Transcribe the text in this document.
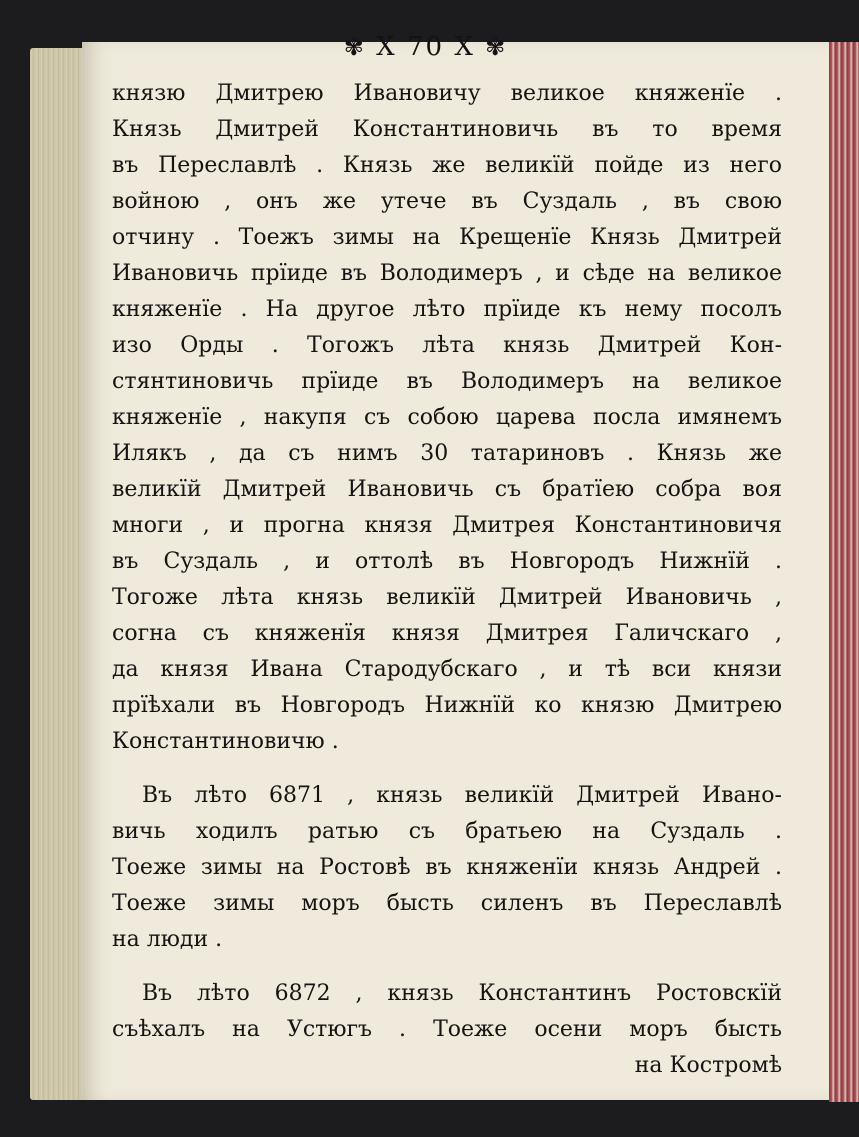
✾ X 70 X ✾
князю Дмитрею Ивановичу великое княженїе .
Князь Дмитрей Константиновичь въ то время
въ Переславлѣ . Князь же великїй пойде из него
войною , онъ же утече въ Суздаль , въ свою
отчину . Тоежъ зимы на Крещенїе Князь Дмитрей
Ивановичь прїиде въ Володимеръ , и сѣде на великое
княженїе . На другое лѣто прїиде къ нему посолъ
изо Орды . Тогожъ лѣта князь Дмитрей Кон-
стянтиновичь прїиде въ Володимеръ на великое
княженїе , накупя съ собою царева посла имянемъ
Илякъ , да съ нимъ 30 татариновъ . Князь же
великїй Дмитрей Ивановичь съ братїею собра воя
многи , и прогна князя Дмитрея Константиновичя
въ Суздаль , и оттолѣ въ Новгородъ Нижнїй .
Тогоже лѣта князь великїй Дмитрей Ивановичь ,
согна съ княженїя князя Дмитрея Галичскаго ,
да князя Ивана Стародубскаго , и тѣ вси князи
прїѣхали въ Новгородъ Нижнїй ко князю Дмитрею
Константиновичю .
Въ лѣто 6871 , князь великїй Дмитрей Ивано-
вичь ходилъ ратью съ братьею на Суздаль .
Тоеже зимы на Ростовѣ въ княженїи князь Андрей .
Тоеже зимы моръ бысть силенъ въ Переславлѣ
на люди .
Въ лѣто 6872 , князь Константинъ Ростовскїй
съѣхалъ на Устюгъ . Тоеже осени моръ бысть
на Костромѣ
